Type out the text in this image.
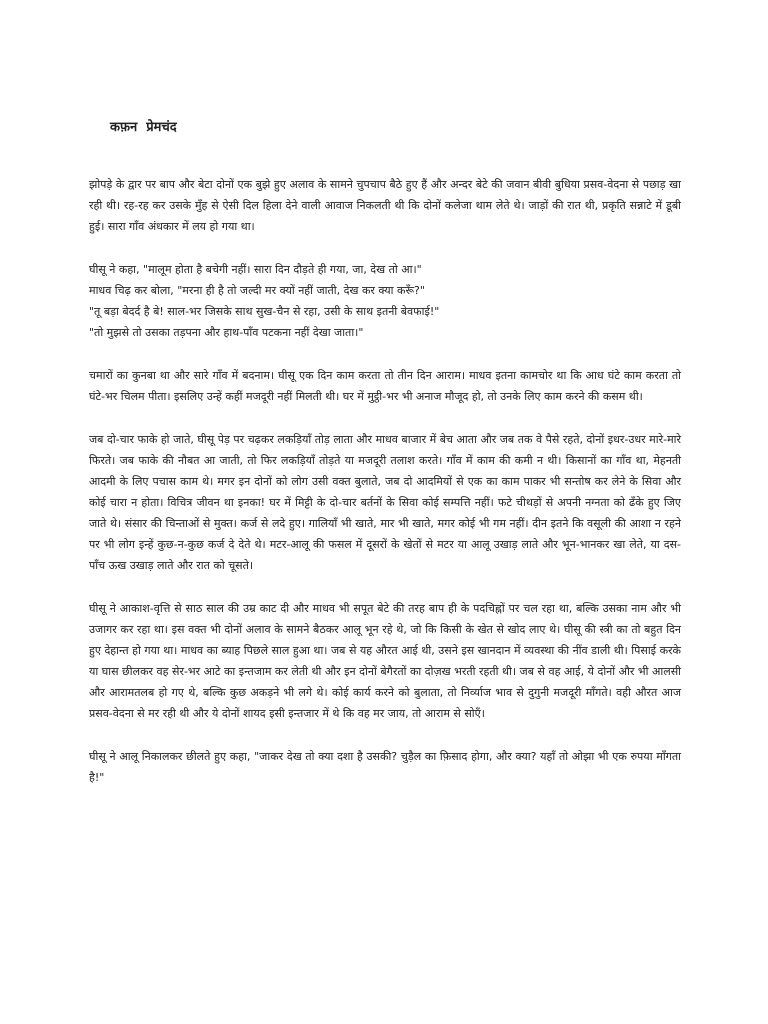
कफ़न  प्रेमचंद

झोपड़े के द्वार पर बाप और बेटा दोनों एक बुझे हुए अलाव के सामने चुपचाप बैठे हुए हैं और अन्दर बेटे की जवान बीवी बुधिया प्रसव-वेदना से पछाड़ खा रही थी। रह-रह कर उसके मुँह से ऐसी दिल हिला देने वाली आवाज निकलती थी कि दोनों कलेजा थाम लेते थे। जाड़ों की रात थी, प्रकृति सन्नाटे में डूबी हुई। सारा गाँव अंधकार में लय हो गया था।

घीसू ने कहा, "मालूम होता है बचेगी नहीं। सारा दिन दौड़ते ही गया, जा, देख तो आ।"
माधव चिढ़ कर बोला, "मरना ही है तो जल्दी मर क्यों नहीं जाती, देख कर क्या करूँ?"
"तू बड़ा बेदर्द है बे! साल-भर जिसके साथ सुख-चैन से रहा, उसी के साथ इतनी बेवफाई!"
"तो मुझसे तो उसका तड़पना और हाथ-पाँव पटकना नहीं देखा जाता।"

चमारों का कुनबा था और सारे गाँव में बदनाम। घीसू एक दिन काम करता तो तीन दिन आराम। माधव इतना कामचोर था कि आध घंटे काम करता तो घंटे-भर चिलम पीता। इसलिए उन्हें कहीं मजदूरी नहीं मिलती थी। घर में मुट्ठी-भर भी अनाज मौजूद हो, तो उनके लिए काम करने की कसम थी।

जब दो-चार फाके हो जाते, घीसू पेड़ पर चढ़कर लकड़ियाँ तोड़ लाता और माधव बाजार में बेच आता और जब तक वे पैसे रहते, दोनों इधर-उधर मारे-मारे फिरते। जब फाके की नौबत आ जाती, तो फिर लकड़ियाँ तोड़ते या मजदूरी तलाश करते। गाँव में काम की कमी न थी। किसानों का गाँव था, मेहनती आदमी के लिए पचास काम थे। मगर इन दोनों को लोग उसी वक्त बुलाते, जब दो आदमियों से एक का काम पाकर भी सन्तोष कर लेने के सिवा और कोई चारा न होता। विचित्र जीवन था इनका! घर में मिट्टी के दो-चार बर्तनों के सिवा कोई सम्पत्ति नहीं। फटे चीथड़ों से अपनी नग्नता को ढँके हुए जिए जाते थे। संसार की चिन्ताओं से मुक्त। कर्ज से लदे हुए। गालियाँ भी खाते, मार भी खाते, मगर कोई भी गम नहीं। दीन इतने कि वसूली की आशा न रहने पर भी लोग इन्हें कुछ-न-कुछ कर्ज दे देते थे। मटर-आलू की फसल में दूसरों के खेतों से मटर या आलू उखाड़ लाते और भून-भानकर खा लेते, या दस-पाँच ऊख उखाड़ लाते और रात को चूसते।

घीसू ने आकाश-वृत्ति से साठ साल की उम्र काट दी और माधव भी सपूत बेटे की तरह बाप ही के पदचिह्नों पर चल रहा था, बल्कि उसका नाम और भी उजागर कर रहा था। इस वक्त भी दोनों अलाव के सामने बैठकर आलू भून रहे थे, जो कि किसी के खेत से खोद लाए थे। घीसू की स्त्री का तो बहुत दिन हुए देहान्त हो गया था। माधव का ब्याह पिछले साल हुआ था। जब से यह औरत आई थी, उसने इस खानदान में व्यवस्था की नींव डाली थी। पिसाई करके या घास छीलकर वह सेर-भर आटे का इन्तजाम कर लेती थी और इन दोनों बेगैरतों का दोज़ख भरती रहती थी। जब से वह आई, ये दोनों और भी आलसी और आरामतलब हो गए थे, बल्कि कुछ अकड़ने भी लगे थे। कोई कार्य करने को बुलाता, तो निर्व्याज भाव से दुगुनी मजदूरी माँगते। वही औरत आज प्रसव-वेदना से मर रही थी और ये दोनों शायद इसी इन्तजार में थे कि वह मर जाय, तो आराम से सोएँ।

घीसू ने आलू निकालकर छीलते हुए कहा, "जाकर देख तो क्या दशा है उसकी? चुड़ैल का फ़िसाद होगा, और क्या? यहाँ तो ओझा भी एक रुपया माँगता है!"
